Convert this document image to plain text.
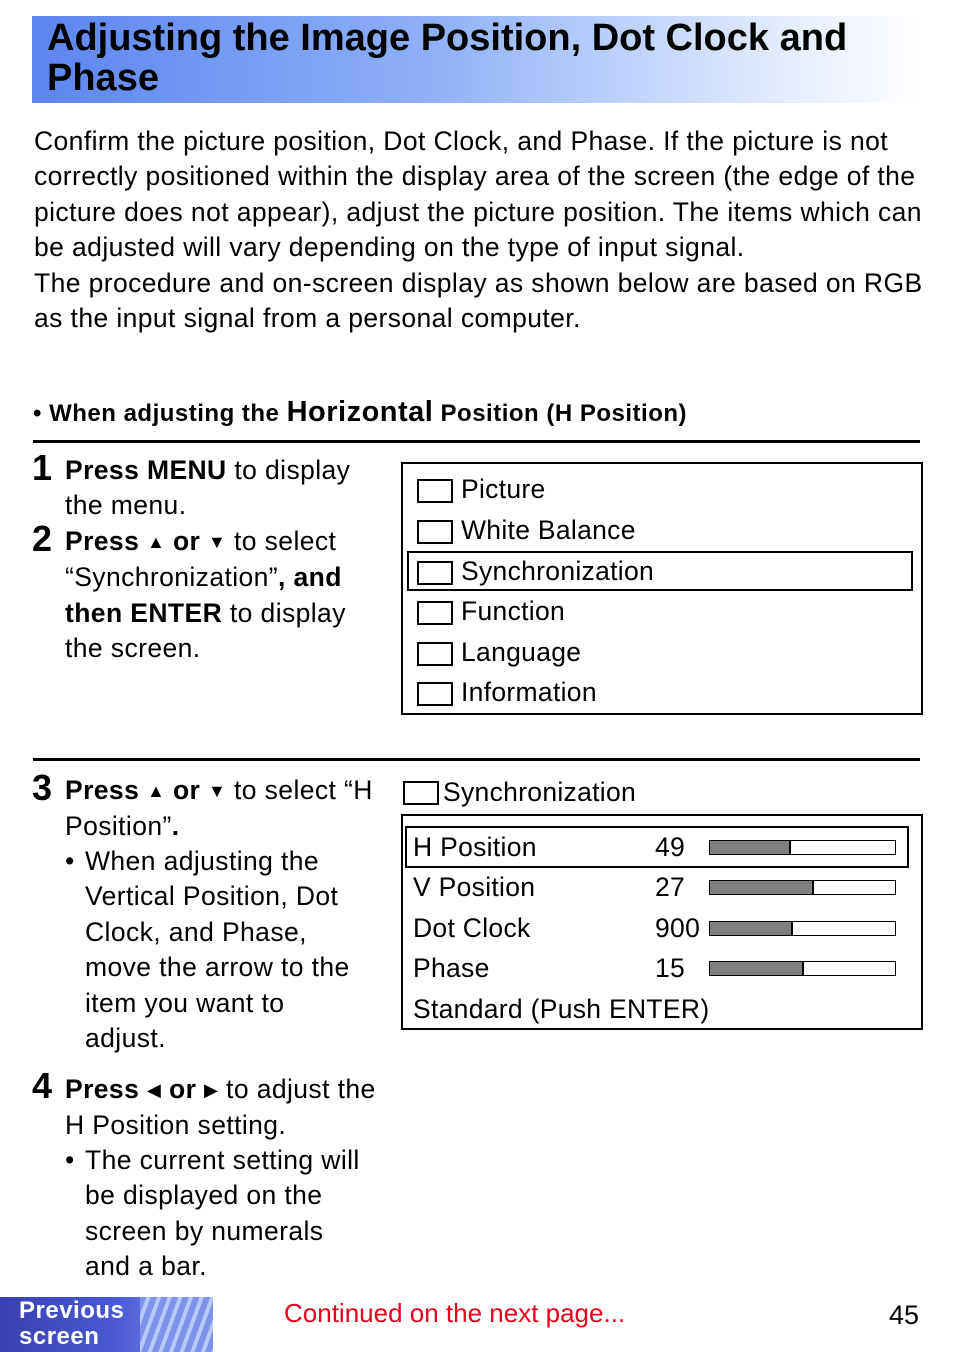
Adjusting the Image Position, Dot Clock and Phase

Confirm the picture position, Dot Clock, and Phase. If the picture is not correctly positioned within the display area of the screen (the edge of the picture does not appear), adjust the picture position. The items which can be adjusted will vary depending on the type of input signal.

The procedure and on-screen display as shown below are based on RGB as the input signal from a personal computer.

• When adjusting the Horizontal Position (H Position)
1 Press MENU to display the menu.
2 Press ▲ or ▼ to select “Synchronization”, and then ENTER to display the screen.
Picture
White Balance
Synchronization
Function
Language
Information
3 Press ▲ or ▼ to select “H Position”.
• When adjusting the Vertical Position, Dot Clock, and Phase, move the arrow to the item you want to adjust.
Synchronization
H Position	49
V Position	27
Dot Clock	900
Phase	15
Standard (Push ENTER)
4 Press ◀ or ▶ to adjust the H Position setting.
• The current setting will be displayed on the screen by numerals and a bar.
Previous
screen
Continued on the next page...	45
